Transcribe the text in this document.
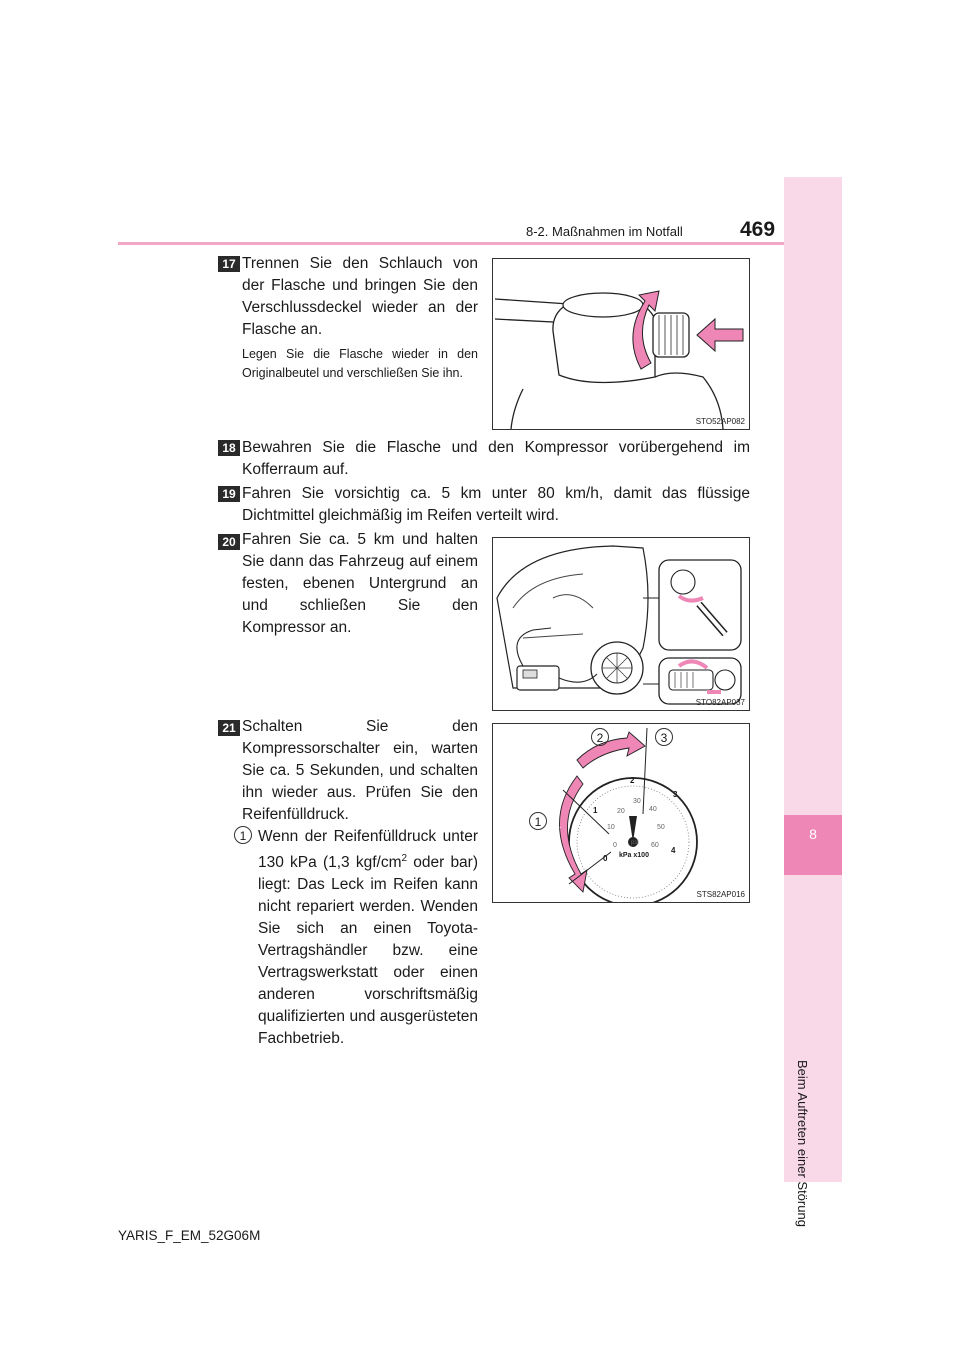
8-2. Maßnahmen im Notfall	469
8
Beim Auftreten einer Störung
17 Trennen Sie den Schlauch von der Flasche und bringen Sie den Verschlussdeckel wieder an der Flasche an.
Legen Sie die Flasche wieder in den Originalbeutel und verschließen Sie ihn.
STO52AP082
18 Bewahren Sie die Flasche und den Kompressor vorübergehend im Kofferraum auf.
19 Fahren Sie vorsichtig ca. 5 km unter 80 km/h, damit das flüssige Dichtmittel gleichmäßig im Reifen verteilt wird.
20 Fahren Sie ca. 5 km und halten Sie dann das Fahrzeug auf einem festen, ebenen Untergrund an und schließen Sie den Kompressor an.
STO82AP037
21 Schalten Sie den Kompressorschalter ein, warten Sie ca. 5 Sekunden, und schalten ihn wieder aus. Prüfen Sie den Reifenfülldruck.
1 Wenn der Reifenfülldruck unter 130 kPa (1,3 kgf/$cm^2$ oder bar) liegt: Das Leck im Reifen kann nicht repariert werden. Wenden Sie sich an einen Toyota-Vertragshändler bzw. eine Vertragswerkstatt oder einen anderen vorschriftsmäßig qualifizierten und ausgerüsteten Fachbetrieb.
.
2	3
1
0
1
2
3
4
0
10
20
30
40
50
60
psi
kPa x100
STS82AP016
YARIS_F_EM_52G06M
